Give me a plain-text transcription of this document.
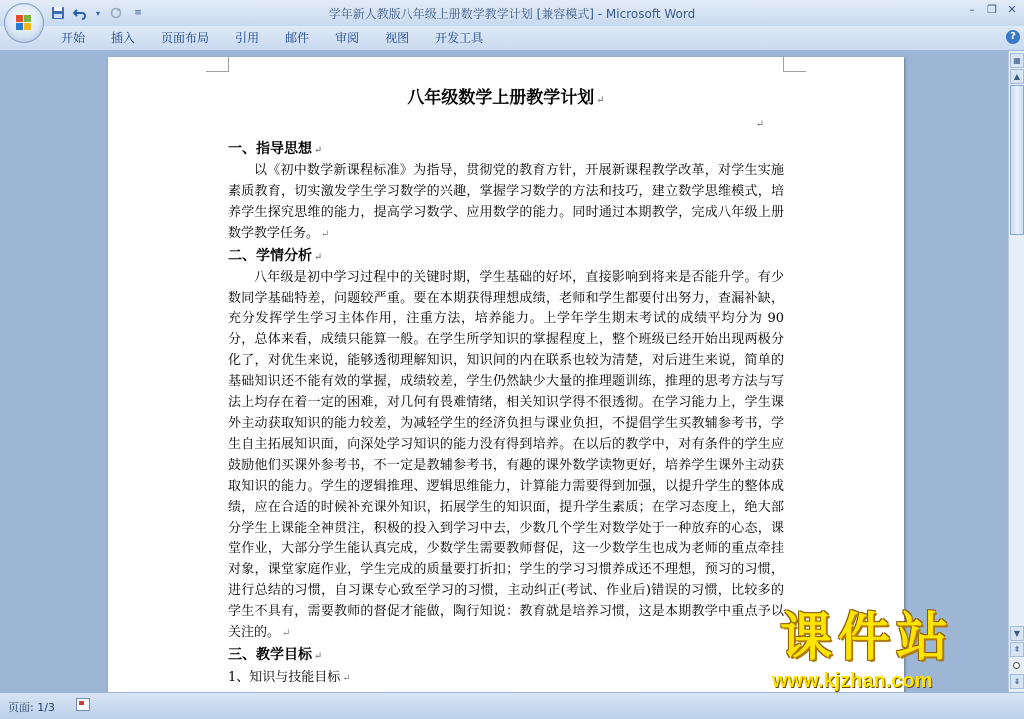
▾	≡	学年新人教版八年级上册数学教学计划 [兼容模式] - Microsoft Word	–	❐ ✕
开始	插入	页面布局	引用	邮件	审阅	视图	开发工具	?
八年级数学上册教学计划 ↵
↵
一、指导思想 ↵
以《初中数学新课程标准》为指导，贯彻党的教育方针，开展新课程教学改革，对学生实施素质教育，切实激发学生学习数学的兴趣，掌握学习数学的方法和技巧，建立数学思维模式，培养学生探究思维的能力，提高学习数学、应用数学的能力。同时通过本期教学，完成八年级上册数学教学任务。 ↵
二、学情分析 ↵
八年级是初中学习过程中的关键时期，学生基础的好坏，直接影响到将来是否能升学。有少数同学基础特差，问题较严重。要在本期获得理想成绩，老师和学生都要付出努力，查漏补缺，充分发挥学生学习主体作用，注重方法，培养能力。上学年学生期末考试的成绩平均分为 90 分，总体来看，成绩只能算一般。在学生所学知识的掌握程度上，整个班级已经开始出现两极分化了，对优生来说，能够透彻理解知识，知识间的内在联系也较为清楚，对后进生来说，简单的基础知识还不能有效的掌握，成绩较差，学生仍然缺少大量的推理题训练，推理的思考方法与写法上均存在着一定的困难，对几何有畏难情绪，相关知识学得不很透彻。在学习能力上，学生课外主动获取知识的能力较差，为减轻学生的经济负担与课业负担，不提倡学生买教辅参考书，学生自主拓展知识面，向深处学习知识的能力没有得到培养。在以后的教学中，对有条件的学生应鼓励他们买课外参考书，不一定是教辅参考书，有趣的课外数学读物更好，培养学生课外主动获取知识的能力。学生的逻辑推理、逻辑思维能力，计算能力需要得到加强，以提升学生的整体成绩，应在合适的时候补充课外知识，拓展学生的知识面，提升学生素质；在学习态度上，绝大部分学生上课能全神贯注，积极的投入到学习中去，少数几个学生对数学处于一种放弃的心态，课堂作业，大部分学生能认真完成，少数学生需要教师督促，这一少数学生也成为老师的重点牵挂对象，课堂家庭作业，学生完成的质量要打折扣；学生的学习习惯养成还不理想，预习的习惯，进行总结的习惯，自习课专心致至学习的习惯，主动纠正(考试、作业后)错误的习惯，比较多的学生不具有，需要教师的督促才能做，陶行知说：教育就是培养习惯，这是本期教学中重点予以关注的。 ↵
三、教学目标 ↵
1、知识与技能目标 ↵
▦
▲
▼
⇞
⇟
页面: 1/3
课件站
www.kjzhan.com
